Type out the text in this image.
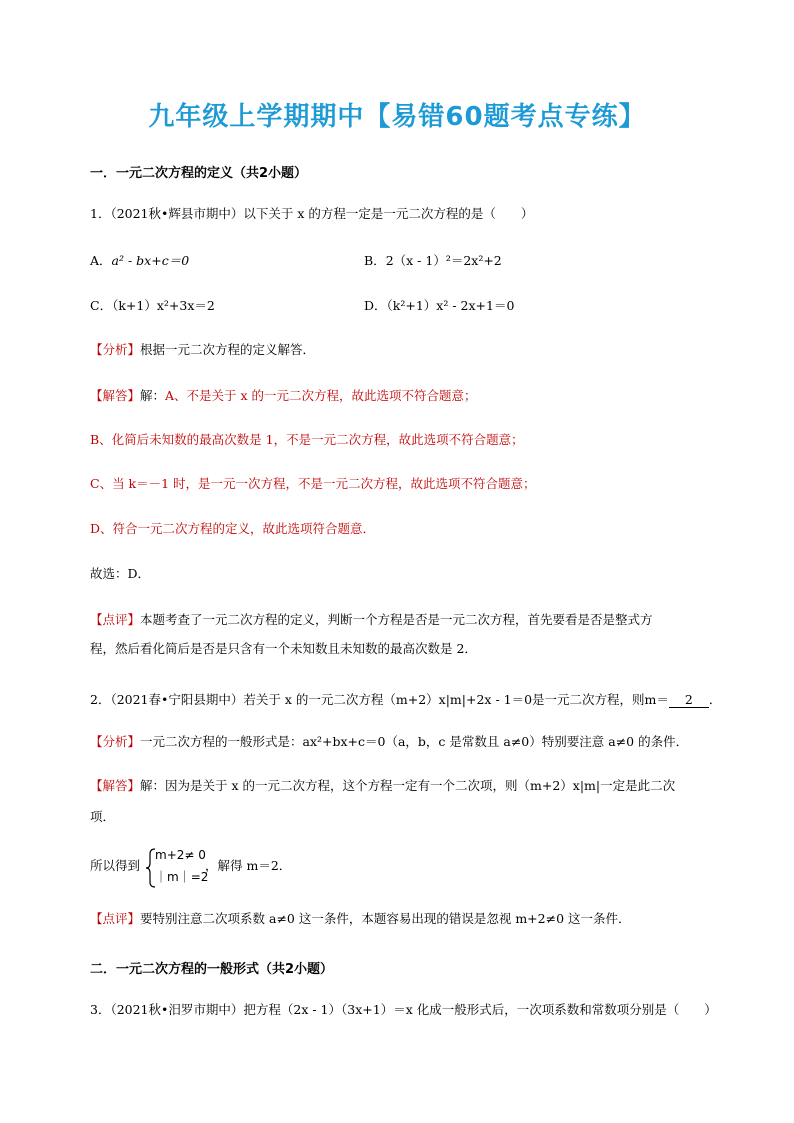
九年级上学期期中【易错60题考点专练】
一．一元二次方程的定义（共2小题）
1．（2021秋•辉县市期中）以下关于 x 的方程一定是一元二次方程的是（　　）
A．a² - bx+c＝0	B．2（x - 1）²＝2x²+2
C．（k+1）x²+3x＝2	D．（k²+1）x² - 2x+1＝0
【分析】根据一元二次方程的定义解答．
【解答】解：A、不是关于 x 的一元二次方程，故此选项不符合题意；
B、化简后未知数的最高次数是 1，不是一元二次方程，故此选项不符合题意；
C、当 k＝－1 时，是一元一次方程，不是一元二次方程，故此选项不符合题意；
D、符合一元二次方程的定义，故此选项符合题意．
故选：D．
【点评】本题考查了一元二次方程的定义，判断一个方程是否是一元二次方程，首先要看是否是整式方
程，然后看化简后是否是只含有一个未知数且未知数的最高次数是 2．
2．（2021春•宁阳县期中）若关于 x 的一元二次方程（m+2）x|m|+2x - 1＝0是一元二次方程，则m＝ 2 ．
【分析】一元二次方程的一般形式是：ax²+bx+c＝0（a，b，c 是常数且 a≠0）特别要注意 a≠0 的条件．
【解答】解：因为是关于 x 的一元二次方程，这个方程一定有一个二次项，则（m+2）x|m|一定是此二次
项．
所以得到
m+2≠ 0
｜m｜=2
，解得 m＝2．
【点评】要特别注意二次项系数 a≠0 这一条件，本题容易出现的错误是忽视 m+2≠0 这一条件．
二．一元二次方程的一般形式（共2小题）
3．（2021秋•汨罗市期中）把方程（2x - 1）（3x+1）＝x 化成一般形式后，一次项系数和常数项分别是（　　）
